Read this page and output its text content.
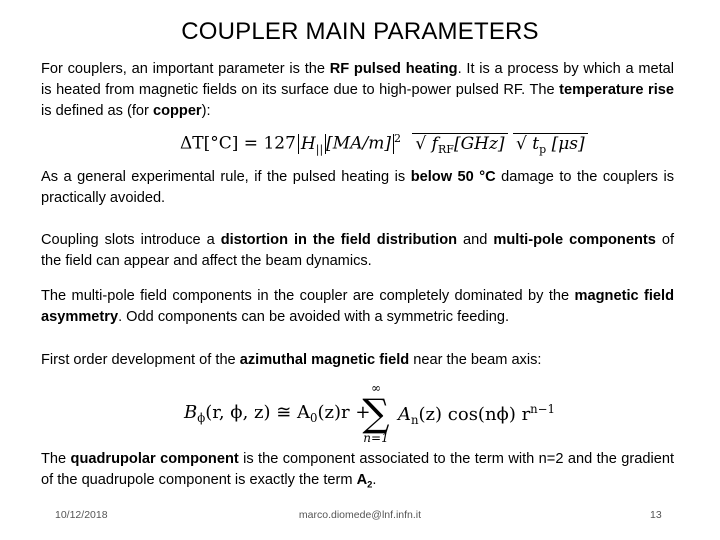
COUPLER MAIN PARAMETERS

For couplers, an important parameter is the RF pulsed heating. It is a process by which a metal is heated from magnetic fields on its surface due to high-power pulsed RF. The temperature rise is defined as (for copper):

ΔT[°C] = 127 $H_{||}$ [MA/m] $^2$ √ $f_{RF}[GHz]$ √ $t_p$ [μs]

As a general experimental rule, if the pulsed heating is below 50 °C damage to the couplers is practically avoided.

Coupling slots introduce a distortion in the field distribution and multi-pole components of the field can appear and affect the beam dynamics.

The multi-pole field components in the coupler are completely dominated by the magnetic field asymmetry. Odd components can be avoided with a symmetric feeding.

First order development of the azimuthal magnetic field near the beam axis:

$B_\phi(r$, ϕ, z) ≅ $A_0(z)r$ +
∞
∑
n=1
$A_n(z)$ cos(nϕ) $r^{n-1}$

The quadrupolar component is the component associated to the term with n=2 and the gradient of the quadrupole component is exactly the term $A_2$.

10/12/2018	marco.diomede@lnf.infn.it	13
